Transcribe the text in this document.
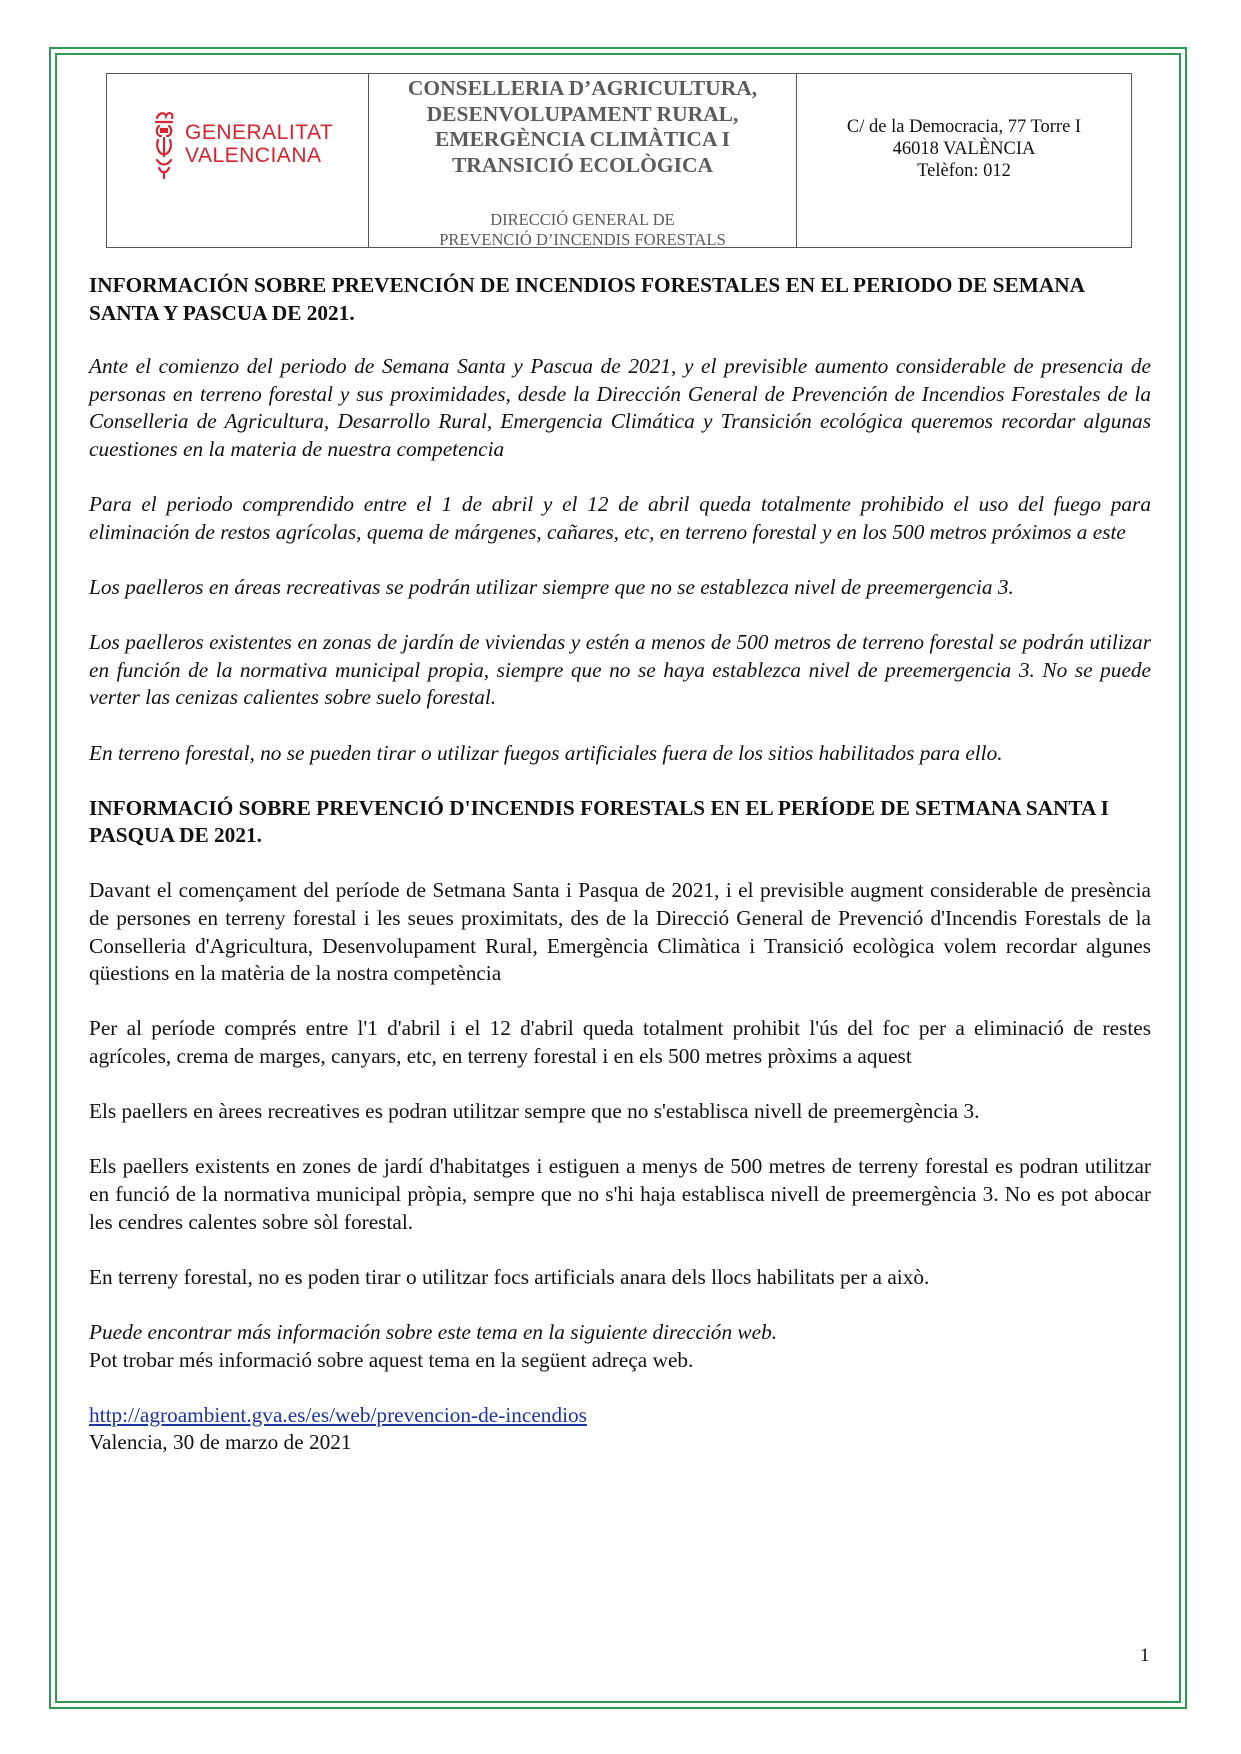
GENERALITAT
VALENCIANA
CONSELLERIA D’AGRICULTURA,
DESENVOLUPAMENT RURAL,
EMERGÈNCIA CLIMÀTICA I
TRANSICIÓ ECOLÒGICA
DIRECCIÓ GENERAL DE
PREVENCIÓ D’INCENDIS FORESTALS
C/ de la Democracia, 77 Torre I
46018 VALÈNCIA
Telèfon: 012
INFORMACIÓN SOBRE PREVENCIÓN DE INCENDIOS FORESTALES EN EL PERIODO DE SEMANA SANTA Y PASCUA DE 2021.

Ante el comienzo del periodo de Semana Santa y Pascua de 2021, y el previsible aumento considerable de presencia de personas en terreno forestal y sus proximidades, desde la Dirección General de Prevención de Incendios Forestales de la Conselleria de Agricultura, Desarrollo Rural, Emergencia Climática y Transición ecológica queremos recordar algunas cuestiones en la materia de nuestra competencia

Para el periodo comprendido entre el 1 de abril y el 12 de abril queda totalmente prohibido el uso del fuego para eliminación de restos agrícolas, quema de márgenes, cañares, etc, en terreno forestal y en los 500 metros próximos a este

Los paelleros en áreas recreativas se podrán utilizar siempre que no se establezca nivel de preemergencia 3.

Los paelleros existentes en zonas de jardín de viviendas y estén a menos de 500 metros de terreno forestal se podrán utilizar en función de la normativa municipal propia, siempre que no se haya establezca nivel de preemergencia 3. No se puede verter las cenizas calientes sobre suelo forestal.

En terreno forestal, no se pueden tirar o utilizar fuegos artificiales fuera de los sitios habilitados para ello.

INFORMACIÓ SOBRE PREVENCIÓ D'INCENDIS FORESTALS EN EL PERÍODE DE SETMANA SANTA I PASQUA DE 2021.

Davant el començament del període de Setmana Santa i Pasqua de 2021, i el previsible augment considerable de presència de persones en terreny forestal i les seues proximitats, des de la Direcció General de Prevenció d'Incendis Forestals de la Conselleria d'Agricultura, Desenvolupament Rural, Emergència Climàtica i Transició ecològica volem recordar algunes qüestions en la matèria de la nostra competència

Per al període comprés entre l'1 d'abril i el 12 d'abril queda totalment prohibit l'ús del foc per a eliminació de restes agrícoles, crema de marges, canyars, etc, en terreny forestal i en els 500 metres pròxims a aquest

Els paellers en àrees recreatives es podran utilitzar sempre que no s'establisca nivell de preemergència 3.

Els paellers existents en zones de jardí d'habitatges i estiguen a menys de 500 metres de terreny forestal es podran utilitzar en funció de la normativa municipal pròpia, sempre que no s'hi haja establisca nivell de preemergència 3. No es pot abocar les cendres calentes sobre sòl forestal.

En terreny forestal, no es poden tirar o utilitzar focs artificials anara dels llocs habilitats per a això.

Puede encontrar más información sobre este tema en la siguiente dirección web.

Pot trobar més informació sobre aquest tema en la següent adreça web.

http://agroambient.gva.es/es/web/prevencion-de-incendios

Valencia, 30 de marzo de 2021

1
